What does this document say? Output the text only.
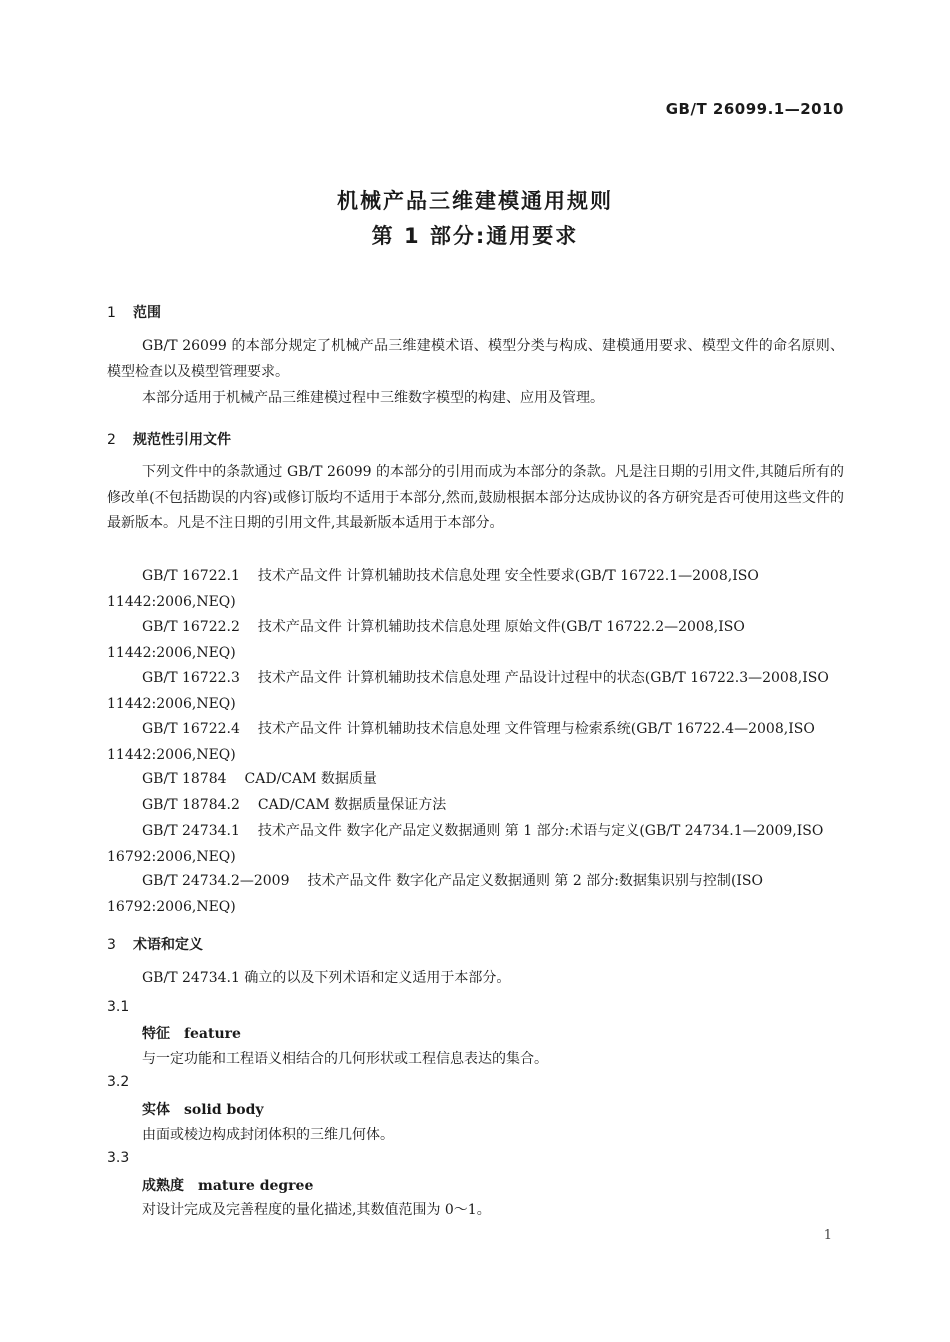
GB/T 26099.1—2010
机械产品三维建模通用规则
第 1 部分:通用要求
1 范围
GB/T 26099 的本部分规定了机械产品三维建模术语、模型分类与构成、建模通用要求、模型文件的命名原则、模型检查以及模型管理要求。
本部分适用于机械产品三维建模过程中三维数字模型的构建、应用及管理。
2 规范性引用文件
下列文件中的条款通过 GB/T 26099 的本部分的引用而成为本部分的条款。凡是注日期的引用文件,其随后所有的修改单(不包括勘误的内容)或修订版均不适用于本部分,然而,鼓励根据本部分达成协议的各方研究是否可使用这些文件的最新版本。凡是不注日期的引用文件,其最新版本适用于本部分。
GB/T 16722.1 技术产品文件 计算机辅助技术信息处理 安全性要求(GB/T 16722.1—2008,ISO 11442:2006,NEQ)
GB/T 16722.2 技术产品文件 计算机辅助技术信息处理 原始文件(GB/T 16722.2—2008,ISO 11442:2006,NEQ)
GB/T 16722.3 技术产品文件 计算机辅助技术信息处理 产品设计过程中的状态(GB/T 16722.3—2008,ISO 11442:2006,NEQ)
GB/T 16722.4 技术产品文件 计算机辅助技术信息处理 文件管理与检索系统(GB/T 16722.4—2008,ISO 11442:2006,NEQ)
GB/T 18784 CAD/CAM 数据质量
GB/T 18784.2 CAD/CAM 数据质量保证方法
GB/T 24734.1 技术产品文件 数字化产品定义数据通则 第 1 部分:术语与定义(GB/T 24734.1—2009,ISO 16792:2006,NEQ)
GB/T 24734.2—2009 技术产品文件 数字化产品定义数据通则 第 2 部分:数据集识别与控制(ISO 16792:2006,NEQ)
3 术语和定义
GB/T 24734.1 确立的以及下列术语和定义适用于本部分。
3.1
特征 feature
与一定功能和工程语义相结合的几何形状或工程信息表达的集合。
3.2
实体 solid body
由面或棱边构成封闭体积的三维几何体。
3.3
成熟度 mature degree
对设计完成及完善程度的量化描述,其数值范围为 0～1。
1
